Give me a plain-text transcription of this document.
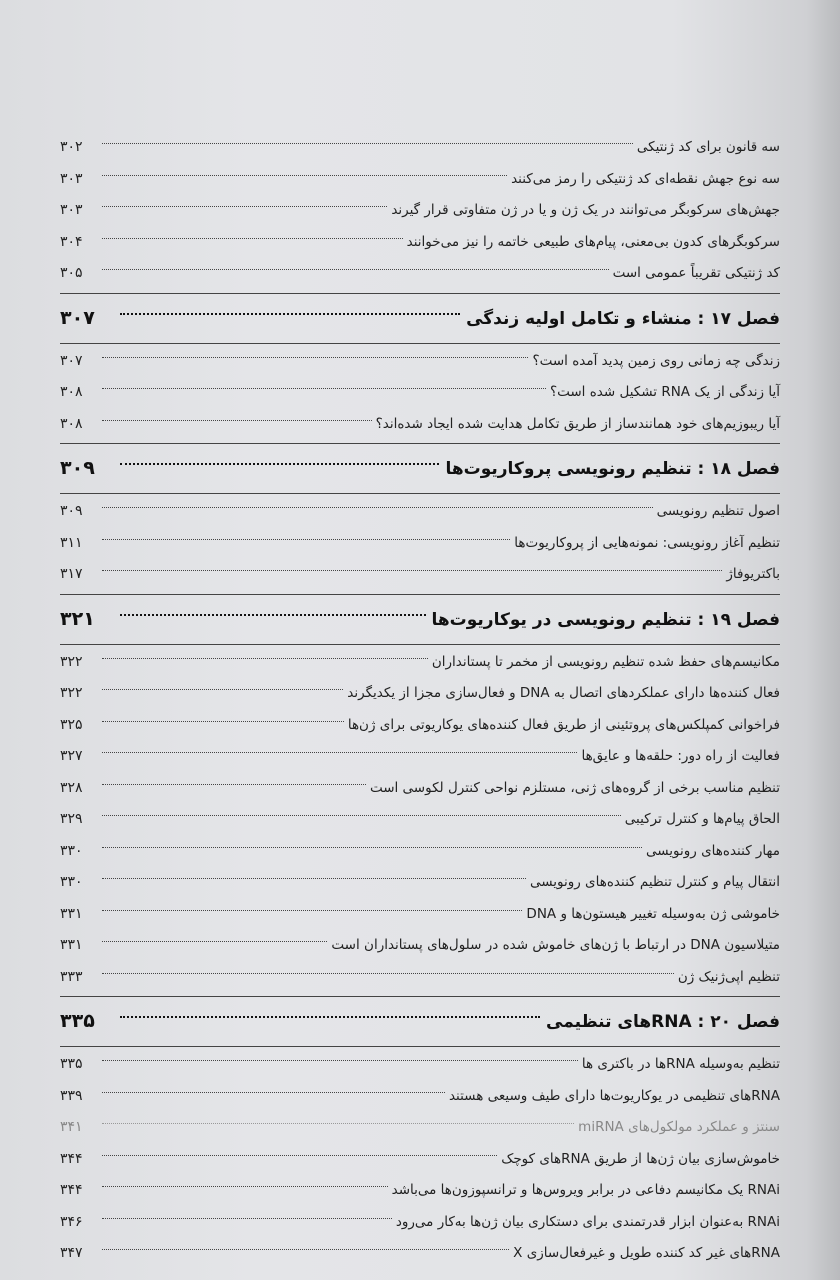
سه قانون برای کد ژنتیکی
۳۰۲
سه نوع جهش نقطه‌ای کد ژنتیکی را رمز می‌کنند
۳۰۳
جهش‌های سرکوبگر می‌توانند در یک ژن و یا در ژن متفاوتی قرار گیرند
۳۰۳
سرکوبگرهای کدون بی‌معنی، پیام‌های طبیعی خاتمه را نیز می‌خوانند
۳۰۴
کد ژنتیکی تقریباً عمومی است
۳۰۵
فصل ۱۷ : منشاء و تکامل اولیه زندگی
۳۰۷
زندگی چه زمانی روی زمین پدید آمده است؟
۳۰۷
آیا زندگی از یک RNA تشکیل شده است؟
۳۰۸
آیا ریبوزیم‌های خود همانندساز از طریق تکامل هدایت شده ایجاد شده‌اند؟
۳۰۸
فصل ۱۸ : تنظیم رونویسی پروکاریوت‌ها
۳۰۹
اصول تنظیم رونویسی
۳۰۹
تنظیم آغاز رونویسی: نمونه‌هایی از پروکاریوت‌ها
۳۱۱
باکتریوفاژ
۳۱۷
فصل ۱۹ : تنظیم رونویسی در یوکاریوت‌ها
۳۲۱
مکانیسم‌های حفظ شده تنظیم رونویسی از مخمر تا پستانداران
۳۲۲
فعال کننده‌ها دارای عملکردهای اتصال به DNA و فعال‌سازی مجزا از یکدیگرند
۳۲۲
فراخوانی کمپلکس‌های پروتئینی از طریق فعال کننده‌های یوکاریوتی برای ژن‌ها
۳۲۵
فعالیت از راه دور: حلقه‌ها و عایق‌ها
۳۲۷
تنظیم مناسب برخی از گروه‌های ژنی، مستلزم نواحی کنترل لکوسی است
۳۲۸
الحاق پیام‌ها و کنترل ترکیبی
۳۲۹
مهار کننده‌های رونویسی
۳۳۰
انتقال پیام و کنترل تنظیم کننده‌های رونویسی
۳۳۰
خاموشی ژن به‌وسیله تغییر هیستون‌ها و DNA
۳۳۱
متیلاسیون DNA در ارتباط با ژن‌های خاموش شده در سلول‌های پستانداران است
۳۳۱
تنظیم اپی‌ژنیک ژن
۳۳۳
فصل ۲۰ : RNAهای تنظیمی
۳۳۵
تنظیم به‌وسیله RNAها در باکتری ها
۳۳۵
RNAهای تنظیمی در یوکاریوت‌ها دارای طیف وسیعی هستند
۳۳۹
سنتز و عملکرد مولکول‌های miRNA
۳۴۱
خاموش‌سازی بیان ژن‌ها از طریق RNAهای کوچک
۳۴۴
RNAi یک مکانیسم دفاعی در برابر ویروس‌ها و ترانسپوزون‌ها می‌باشد
۳۴۴
RNAi به‌عنوان ابزار قدرتمندی برای دستکاری بیان ژن‌ها به‌کار می‌رود
۳۴۶
RNAهای غیر کد کننده طویل و غیرفعال‌سازی X
۳۴۷
